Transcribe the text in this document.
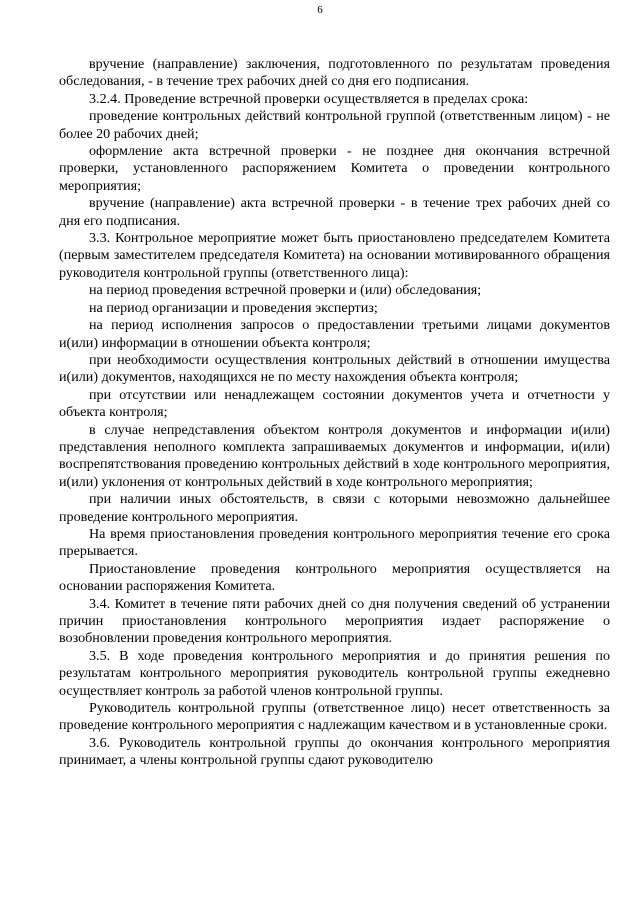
6

вручение (направление) заключения, подготовленного по результатам проведения обследования, - в течение трех рабочих дней со дня его подписания.

3.2.4. Проведение встречной проверки осуществляется в пределах срока:

проведение контрольных действий контрольной группой (ответственным лицом) - не более 20 рабочих дней;

оформление акта встречной проверки - не позднее дня окончания встречной проверки, установленного распоряжением Комитета о проведении контрольного мероприятия;

вручение (направление) акта встречной проверки - в течение трех рабочих дней со дня его подписания.

3.3. Контрольное мероприятие может быть приостановлено председателем Комитета (первым заместителем председателя Комитета) на основании мотивированного обращения руководителя контрольной группы (ответственного лица):

на период проведения встречной проверки и (или) обследования;

на период организации и проведения экспертиз;

на период исполнения запросов о предоставлении третьими лицами документов и(или) информации в отношении объекта контроля;

при необходимости осуществления контрольных действий в отношении имущества и(или) документов, находящихся не по месту нахождения объекта контроля;

при отсутствии или ненадлежащем состоянии документов учета и отчетности у объекта контроля;

в случае непредставления объектом контроля документов и информации и(или) представления неполного комплекта запрашиваемых документов и информации, и(или) воспрепятствования проведению контрольных действий в ходе контрольного мероприятия, и(или) уклонения от контрольных действий в ходе контрольного мероприятия;

при наличии иных обстоятельств, в связи с которыми невозможно дальнейшее проведение контрольного мероприятия.

На время приостановления проведения контрольного мероприятия течение его срока прерывается.

Приостановление проведения контрольного мероприятия осуществляется на основании распоряжения Комитета.

3.4. Комитет в течение пяти рабочих дней со дня получения сведений об устранении причин приостановления контрольного мероприятия издает распоряжение о возобновлении проведения контрольного мероприятия.

3.5. В ходе проведения контрольного мероприятия и до принятия решения по результатам контрольного мероприятия руководитель контрольной группы ежедневно осуществляет контроль за работой членов контрольной группы.

Руководитель контрольной группы (ответственное лицо) несет ответственность за проведение контрольного мероприятия с надлежащим качеством и в установленные сроки.

3.6. Руководитель контрольной группы до окончания контрольного мероприятия принимает, а члены контрольной группы сдают руководителю
